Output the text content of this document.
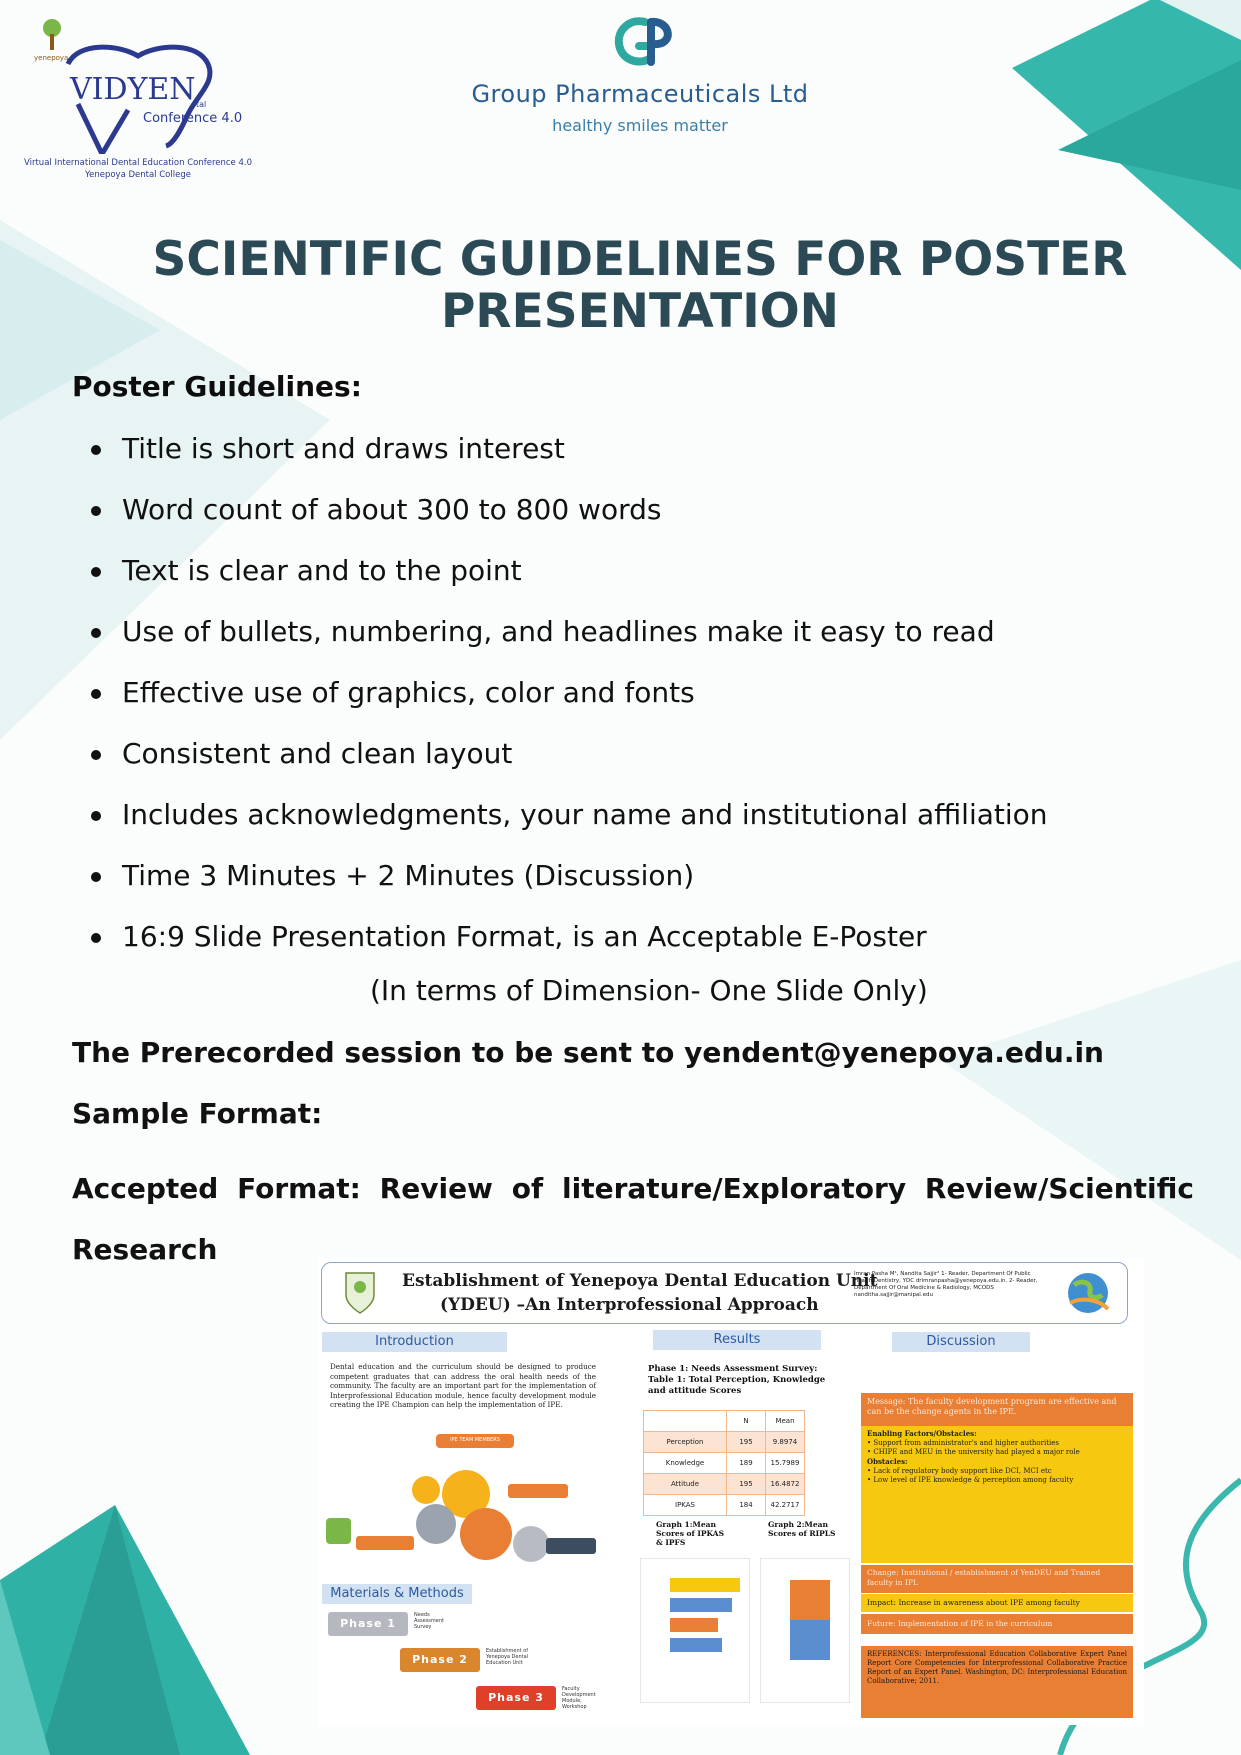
yenepoya
VIDYEN tal
Conference 4.0
Virtual International Dental Education Conference 4.0
Yenepoya Dental College
Group Pharmaceuticals Ltd
healthy smiles matter
SCIENTIFIC GUIDELINES FOR POSTER
PRESENTATION
Poster Guidelines:
Title is short and draws interest
Word count of about 300 to 800 words
Text is clear and to the point
Use of bullets, numbering, and headlines make it easy to read
Effective use of graphics, color and fonts
Consistent and clean layout
Includes acknowledgments, your name and institutional affiliation
Time 3 Minutes + 2 Minutes (Discussion)
16:9 Slide Presentation Format, is an Acceptable E-Poster
(In terms of Dimension- One Slide Only)
The Prerecorded session to be sent to yendent@yenepoya.edu.in
Sample Format:
Accepted Format: Review of literature/Exploratory Review/Scientific Research
Establishment of Yenepoya Dental Education Unit
(YDEU) –An Interprofessional Approach
Imran Pasha M¹, Nandita Sajjir² 1- Reader, Department Of Public Health Dentistry, YDC drimranpasha@yenepoya.edu.in. 2- Reader, Department Of Oral Medicine & Radiology, MCODS nanditha.sajjir@manipal.edu
Introduction	Results	Discussion
Dental education and the curriculum should be designed to produce competent graduates that can address the oral health needs of the community. The faculty are an important part for the implementation of Interprofessional Education module, hence faculty development module creating the IPE Champion can help the implementation of IPE.
IPE TEAM MEMBERS
Phase 1: Needs Assessment Survey: Table 1: Total Perception, Knowledge and attitude Scores
	N	Mean
Perception	195	9.8974
Knowledge	189	15.7989
Attitude	195	16.4872
IPKAS	184	42.2717
Graph 1:Mean Scores of IPKAS & IPFS
Graph 2:Mean Scores of RIPLS
Message: The faculty development program are effective and can be the change agents in the IPE.
Enabling Factors/Obstacles:
• Support from administrator's and higher authorities
• CHIPE and MEU in the university had played a major role
Obstacles:
• Lack of regulatory body support like DCI, MCI etc
• Low level of IPE knowledge & perception among faculty
Change: Institutional / establishment of YenDEU and Trained faculty in IPL
Impact: Increase in awareness about IPE among faculty
Future: Implementation of IPE in the curriculum
REFERENCES: Interprofessional Education Collaborative Expert Panel Report Core Competencies for Interprofessional Collaborative Practice Report of an Expert Panel. Washington, DC: Interprofessional Education Collaborative; 2011.
Materials & Methods
Phase 1
Needs Assessment Survey
Phase 2
Establishment of Yenepoya Dental Education Unit
Phase 3
Faculty Development Module, Workshop
